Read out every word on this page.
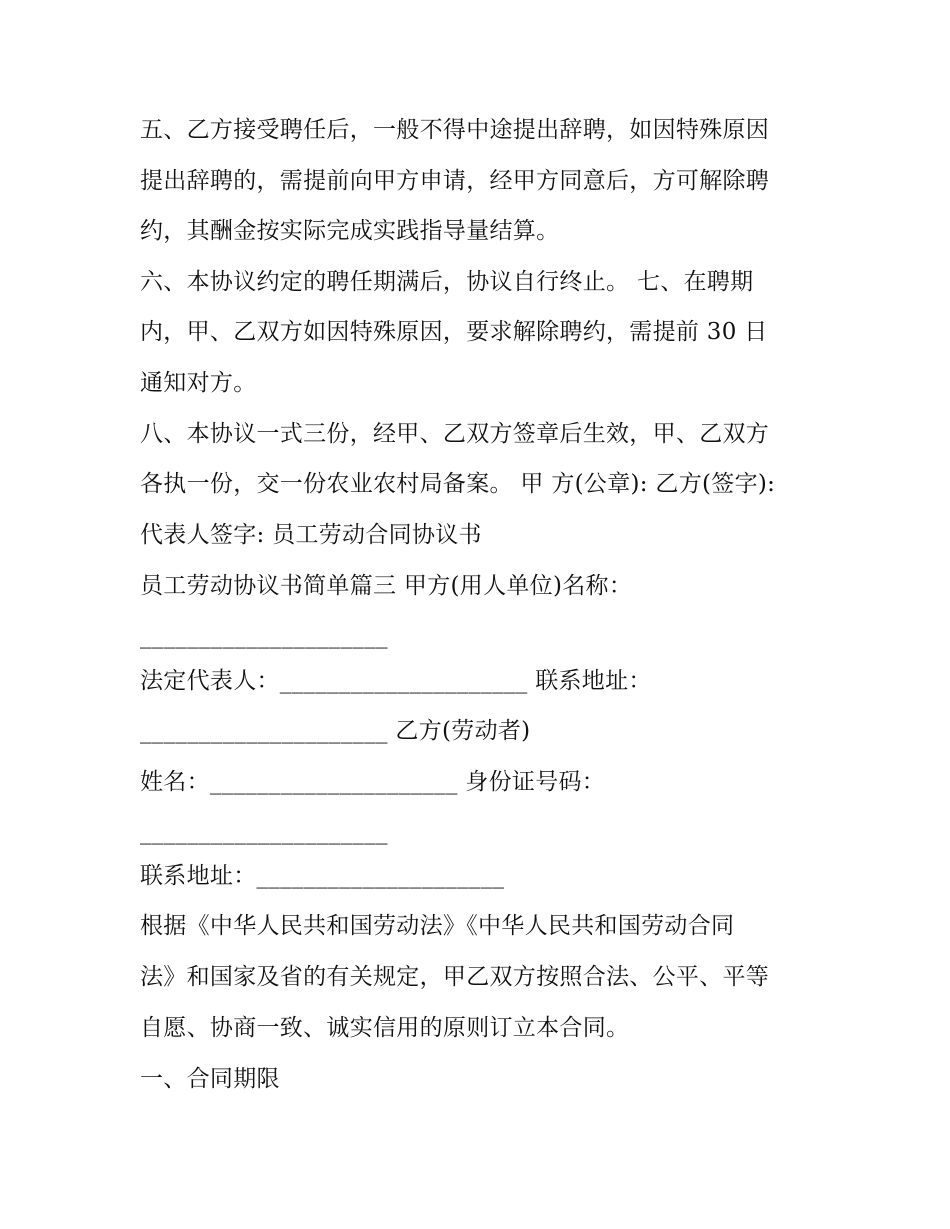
五、乙方接受聘任后，一般不得中途提出辞聘，如因特殊原因
提出辞聘的，需提前向甲方申请，经甲方同意后，方可解除聘
约，其酬金按实际完成实践指导量结算。
六、本协议约定的聘任期满后，协议自行终止。 七、在聘期
内，甲、乙双方如因特殊原因，要求解除聘约，需提前 30 日
通知对方。
八、本协议一式三份，经甲、乙双方签章后生效，甲、乙双方
各执一份，交一份农业农村局备案。 甲 方(公章): 乙方(签字):
代表人签字: 员工劳动合同协议书
员工劳动协议书简单篇三 甲方(用人单位)名称：
_____________________
法定代表人：_____________________ 联系地址：
_____________________ 乙方(劳动者)
姓名：_____________________ 身份证号码：
_____________________
联系地址：_____________________
根据《中华人民共和国劳动法》《中华人民共和国劳动合同
法》和国家及省的有关规定，甲乙双方按照合法、公平、平等
自愿、协商一致、诚实信用的原则订立本合同。
一、合同期限
